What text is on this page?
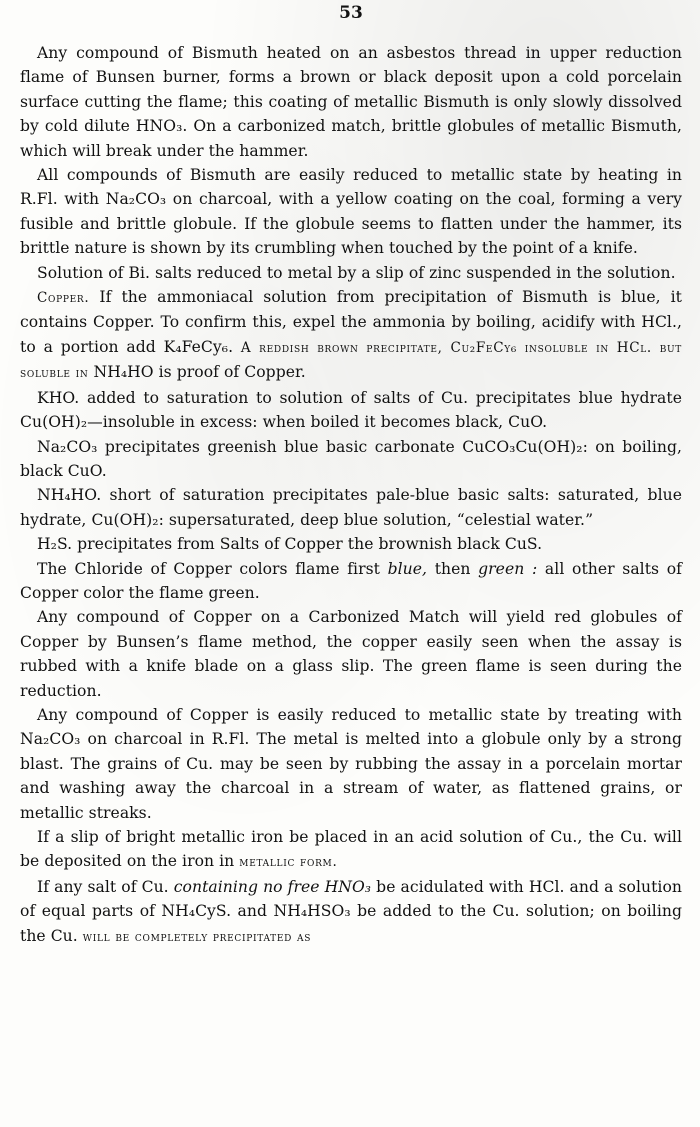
53

Any compound of Bismuth heated on an asbestos thread in upper reduction flame of Bunsen burner, forms a brown or black deposit upon a cold porcelain surface cutting the flame; this coating of metallic Bismuth is only slowly dissolved by cold dilute HNO₃. On a carbonized match, brittle globules of metallic Bismuth, which will break under the hammer.

All compounds of Bismuth are easily reduced to metallic state by heating in R.Fl. with Na₂CO₃ on charcoal, with a yellow coating on the coal, forming a very fusible and brittle globule. If the globule seems to flatten under the hammer, its brittle nature is shown by its crumbling when touched by the point of a knife.

Solution of Bi. salts reduced to metal by a slip of zinc suspended in the solution.

Copper. If the ammoniacal solution from precipitation of Bismuth is blue, it contains Copper. To confirm this, expel the ammonia by boiling, acidify with HCl., to a portion add K₄FeCy₆. A reddish brown precipitate, Cu₂FeCy₆ insoluble in HCl. but soluble in NH₄HO is proof of Copper.

KHO. added to saturation to solution of salts of Cu. precipitates blue hydrate Cu(OH)₂—insoluble in excess: when boiled it becomes black, CuO.

Na₂CO₃ precipitates greenish blue basic carbonate CuCO₃Cu(OH)₂: on boiling, black CuO.

NH₄HO. short of saturation precipitates pale-blue basic salts: saturated, blue hydrate, Cu(OH)₂: supersaturated, deep blue solution, “celestial water.”

H₂S. precipitates from Salts of Copper the brownish black CuS.

The Chloride of Copper colors flame first blue, then green : all other salts of Copper color the flame green.

Any compound of Copper on a Carbonized Match will yield red globules of Copper by Bunsen’s flame method, the copper easily seen when the assay is rubbed with a knife blade on a glass slip. The green flame is seen during the reduction.

Any compound of Copper is easily reduced to metallic state by treating with Na₂CO₃ on charcoal in R.Fl. The metal is melted into a globule only by a strong blast. The grains of Cu. may be seen by rubbing the assay in a porcelain mortar and washing away the charcoal in a stream of water, as flattened grains, or metallic streaks.

If a slip of bright metallic iron be placed in an acid solution of Cu., the Cu. will be deposited on the iron in metallic form.

If any salt of Cu. containing no free HNO₃ be acidulated with HCl. and a solution of equal parts of NH₄CyS. and NH₄HSO₃ be added to the Cu. solution; on boiling the Cu. will be completely precipitated as
